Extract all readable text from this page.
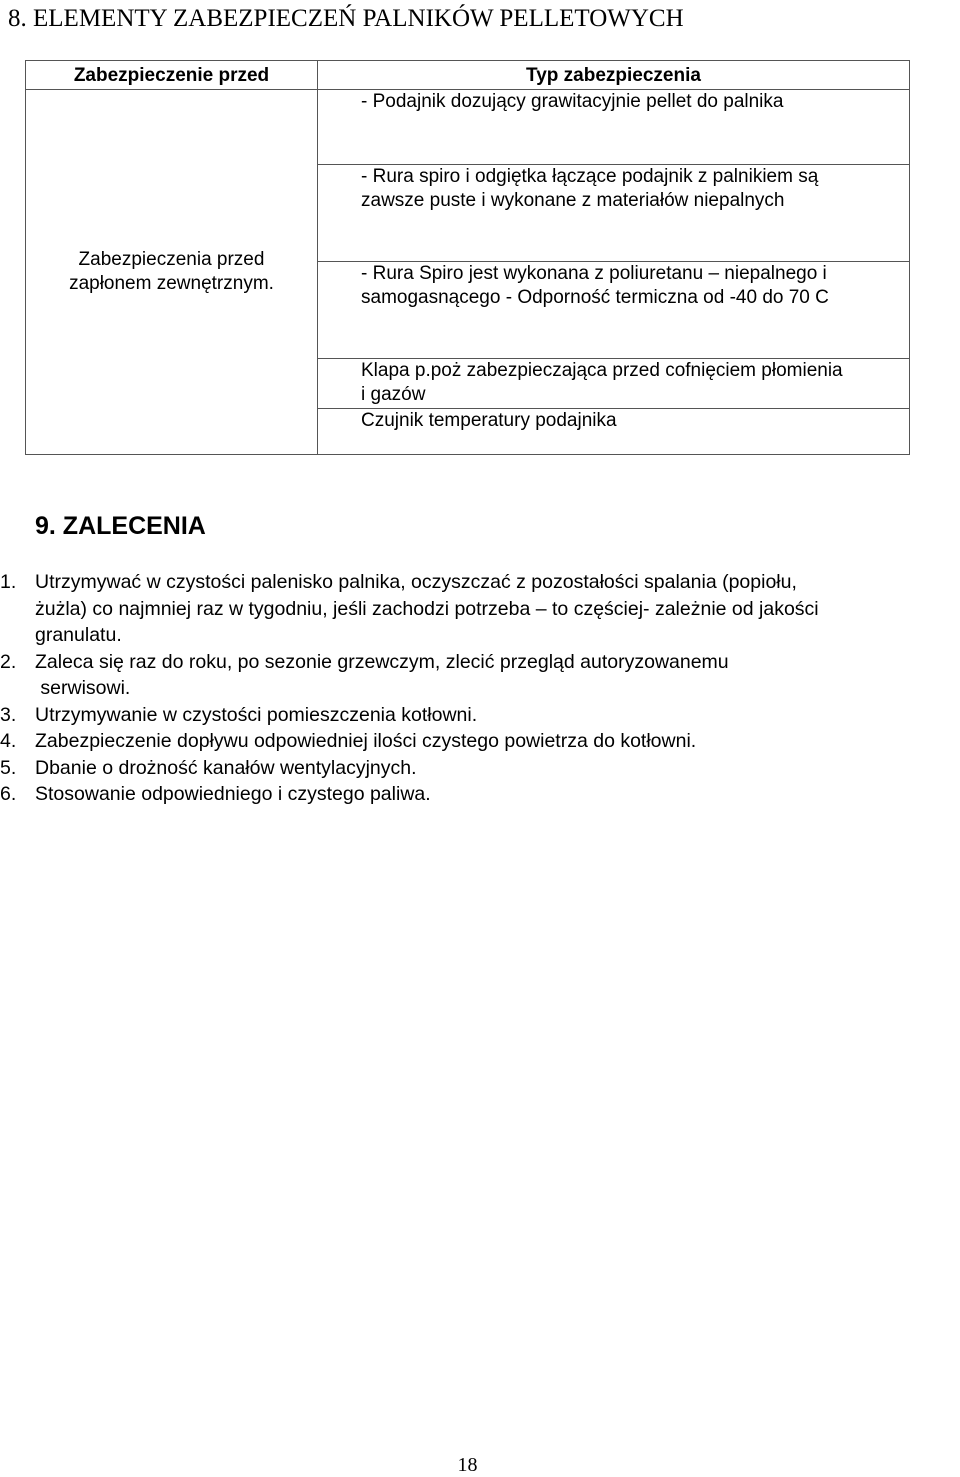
8. ELEMENTY ZABEZPIECZEŃ PALNIKÓW PELLETOWYCH
Zabezpieczenie przed	Typ zabezpieczenia

Zabezpieczenia przed
zapłonem zewnętrznym.	- Podajnik dozujący grawitacyjnie pellet do palnika

	- Rura spiro i odgiętka łączące podajnik z palnikiem są
zawsze puste i wykonane z materiałów niepalnych

	- Rura Spiro jest wykonana z poliuretanu – niepalnego i
samogasnącego - Odporność termiczna od -40 do 70 C

	Klapa p.poż zabezpieczająca przed cofnięciem płomienia
i gazów

	Czujnik temperatury podajnika
9. ZALECENIA
1. Utrzymywać w czystości palenisko palnika, oczyszczać z pozostałości spalania (popiołu,
żużla) co najmniej raz w tygodniu, jeśli zachodzi potrzeba – to częściej- zależnie od jakości
granulatu.
2. Zaleca się raz do roku, po sezonie grzewczym, zlecić przegląd autoryzowanemu
serwisowi.
3. Utrzymywanie w czystości pomieszczenia kotłowni.
4. Zabezpieczenie dopływu odpowiedniej ilości czystego powietrza do kotłowni.
5. Dbanie o drożność kanałów wentylacyjnych.
6. Stosowanie odpowiedniego i czystego paliwa.
18
